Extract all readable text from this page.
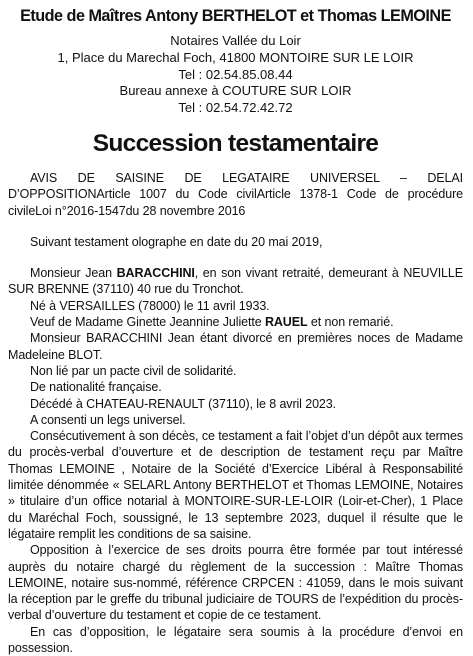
Etude de Maîtres Antony BERTHELOT et Thomas LEMOINE
Notaires Vallée du Loir
1, Place du Marechal Foch, 41800 MONTOIRE SUR LE LOIR
Tel : 02.54.85.08.44
Bureau annexe à COUTURE SUR LOIR
Tel : 02.54.72.42.72
Succession testamentaire

AVIS DE SAISINE DE LEGATAIRE UNIVERSEL – DELAI D’OPPOSITIONArticle 1007 du Code civilArticle 1378-1 Code de procédure civileLoi n°2016-1547du 28 novembre 2016

Suivant testament olographe en date du 20 mai 2019,

Monsieur Jean BARACCHINI, en son vivant retraité, demeurant à NEUVILLE SUR BRENNE (37110) 40 rue du Tronchot.

Né à VERSAILLES (78000) le 11 avril 1933.

Veuf de Madame Ginette Jeannine Juliette RAUEL et non remarié.

Monsieur BARACCHINI Jean étant divorcé en premières noces de Madame Madeleine BLOT.

Non lié par un pacte civil de solidarité.

De nationalité française.

Décédé à CHATEAU-RENAULT (37110), le 8 avril 2023.

A consenti un legs universel.

Consécutivement à son décès, ce testament a fait l’objet d’un dépôt aux termes du procès-verbal d’ouverture et de description de testament reçu par Maître Thomas LEMOINE , Notaire de la Société d’Exercice Libéral à Responsabilité limitée dénommée « SELARL Antony BERTHELOT et Thomas LEMOINE, Notaires » titulaire d’un office notarial à MONTOIRE-SUR-LE-LOIR (Loir-et-Cher), 1 Place du Maréchal Foch, soussigné, le 13 septembre 2023, duquel il résulte que le légataire remplit les conditions de sa saisine.

Opposition à l’exercice de ses droits pourra être formée par tout intéressé auprès du notaire chargé du règlement de la succession : Maître Thomas LEMOINE, notaire sus-nommé, référence CRPCEN : 41059, dans le mois suivant la réception par le greffe du tribunal judiciaire de TOURS de l’expédition du procès-verbal d’ouverture du testament et copie de ce testament.

En cas d’opposition, le légataire sera soumis à la procédure d’envoi en possession.
